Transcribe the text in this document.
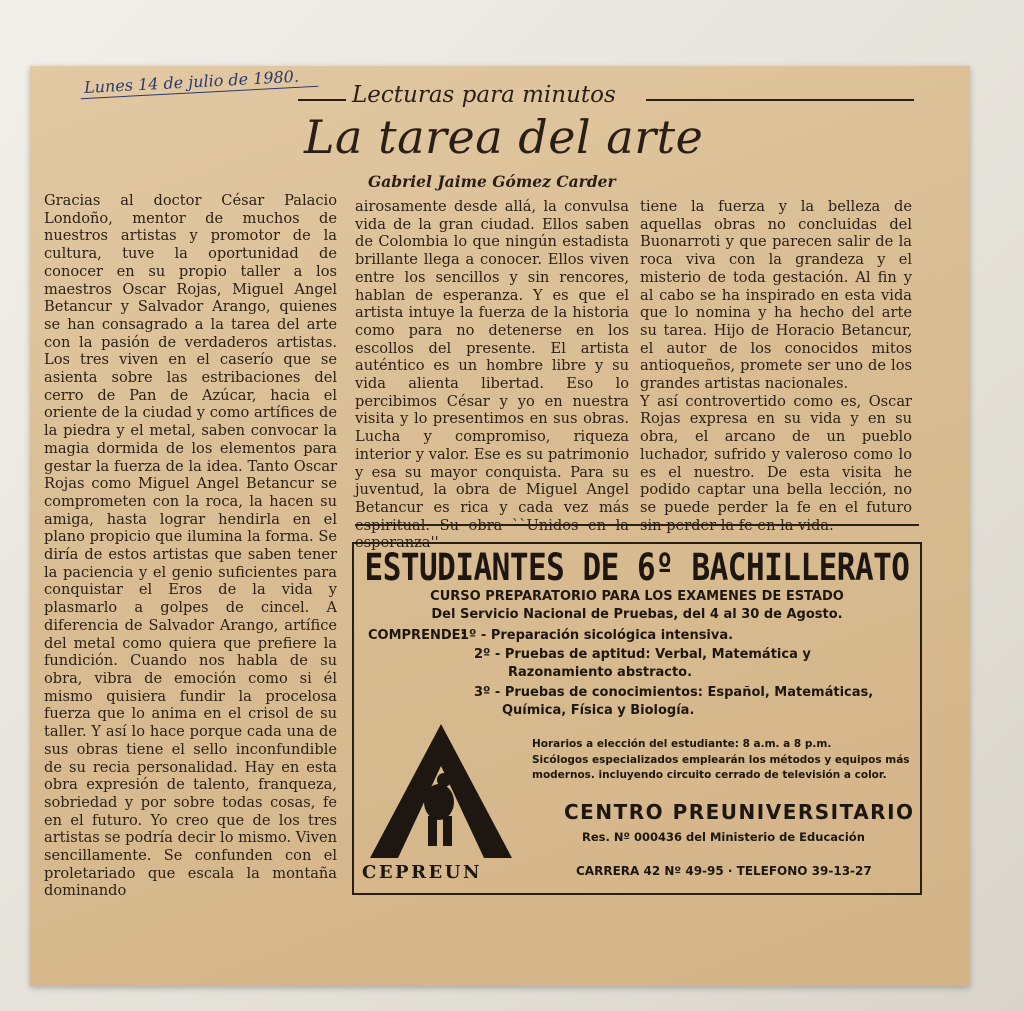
Lunes 14 de julio de 1980.	Lecturas para minutos
La tarea del arte
Gabriel Jaime Gómez Carder

Gracias al doctor César Palacio Londoño, mentor de muchos de nuestros artistas y promotor de la cultura, tuve la oportunidad de conocer en su propio taller a los maestros Oscar Rojas, Miguel Angel Betancur y Salvador Arango, quienes se han consagrado a la tarea del arte con la pasión de verdaderos artistas. Los tres viven en el caserío que se asienta sobre las estribaciones del cerro de Pan de Azúcar, hacia el oriente de la ciudad y como artífices de la piedra y el metal, saben convocar la magia dormida de los elementos para gestar la fuerza de la idea. Tanto Oscar Rojas como Miguel Angel Betancur se comprometen con la roca, la hacen su amiga, hasta lograr hendirla en el plano propicio que ilumina la forma. Se diría de estos artistas que saben tener la paciencia y el genio suficientes para conquistar el Eros de la vida y plasmarlo a golpes de cincel. A diferencia de Salvador Arango, artífice del metal como quiera que prefiere la fundición. Cuando nos habla de su obra, vibra de emoción como si él mismo quisiera fundir la procelosa fuerza que lo anima en el crisol de su taller. Y así lo hace porque cada una de sus obras tiene el sello inconfundible de su recia personalidad. Hay en esta obra expresión de talento, franqueza, sobriedad y por sobre todas cosas, fe en el futuro. Yo creo que de los tres artistas se podría decir lo mismo. Viven sencillamente. Se confunden con el proletariado que escala la montaña dominando

airosamente desde allá, la convulsa vida de la gran ciudad. Ellos saben de Colombia lo que ningún estadista brillante llega a conocer. Ellos viven entre los sencillos y sin rencores, hablan de esperanza. Y es que el artista intuye la fuerza de la historia como para no detenerse en los escollos del presente. El artista auténtico es un hombre libre y su vida alienta libertad. Eso lo percibimos César y yo en nuestra visita y lo presentimos en sus obras. Lucha y compromiso, riqueza interior y valor. Ese es su patrimonio y esa su mayor conquista. Para su juventud, la obra de Miguel Angel Betancur es rica y cada vez más esperanza''

tiene la fuerza y la belleza de aquellas obras no concluidas del Buonarroti y que parecen salir de la roca viva con la grandeza y el misterio de toda gestación. Al fin y al cabo se ha inspirado en esta vida que lo nomina y ha hecho del arte su tarea. Hijo de Horacio Betancur, el autor de los conocidos mitos antioqueños, promete ser uno de los grandes artistas nacionales.

Y así controvertido como es, Oscar Rojas expresa en su vida y en su obra, el arcano de un pueblo luchador, sufrido y valeroso como lo es el nuestro. De esta visita he podido captar una bella lección, no se puede perder la fe en el futuro

ESTUDIANTES DE 6º BACHILLERATO
CURSO PREPARATORIO PARA LOS EXAMENES DE ESTADO
Del Servicio Nacional de Pruebas, del 4 al 30 de Agosto.
COMPRENDE:
1º - Preparación sicológica intensiva.
2º - Pruebas de aptitud: Verbal, Matemática y
Razonamiento abstracto.
3º - Pruebas de conocimientos: Español, Matemáticas,
Química, Física y Biología.
Horarios a elección del estudiante: 8 a.m. a 8 p.m.
Sicólogos especializados emplearán los métodos y equipos más
modernos. incluyendo circuito cerrado de televisión a color.
CENTRO PREUNIVERSITARIO
Res. Nº 000436 del Ministerio de Educación
CARRERA 42 Nº 49-95 · TELEFONO 39-13-27
CEPREUN
